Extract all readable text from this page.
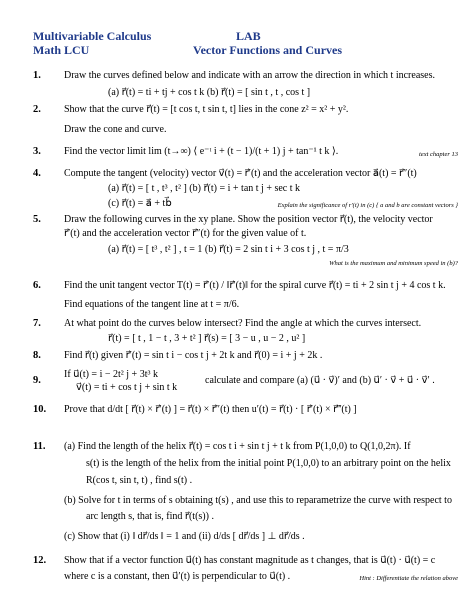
Multivariable Calculus	LAB
Math LCU	Vector Functions and Curves
1. Draw the curves defined below and indicate with an arrow the direction in which t increases.
(a) r⃗(t) = ti + tj + cos t k (b) r⃗(t) = [ sin t , t , cos t ]
2. Show that the curve r⃗(t) = [t cos t, t sin t, t] lies in the cone z² = x² + y².
Draw the cone and curve.
3. Find the vector limit lim (t→∞) ⟨ e⁻ᵗ i + (t − 1)/(t + 1) j + tan⁻¹ t k ⟩.	text chapter 13
4. Compute the tangent (velocity) vector v⃗(t) = r⃗′(t) and the acceleration vector a⃗(t) = r⃗″(t)
(a) r⃗(t) = [ t , t³ , t² ] (b) r⃗(t) = i + tan t j + sec t k
(c) r⃗(t) = a⃗ + tb⃗	Explain the significance of r′(t) in (c) { a and b are constant vectors }
5. Draw the following curves in the xy plane. Show the position vector r⃗(t), the velocity vector
r⃗′(t) and the acceleration vector r⃗″(t) for the given value of t.
(a) r⃗(t) = [ t³ , t² ] , t = 1 (b) r⃗(t) = 2 sin t i + 3 cos t j , t = π/3
What is the maximum and minimum speed in (b)?
6. Find the unit tangent vector T(t) = r⃗′(t) / ‖r⃗′(t)‖ for the spiral curve r⃗(t) = ti + 2 sin t j + 4 cos t k.
Find equations of the tangent line at t = π/6.
7. At what point do the curves below intersect? Find the angle at which the curves intersect.
r⃗(t) = [ t , 1 − t , 3 + t² ] r⃗(s) = [ 3 − u , u − 2 , u² ]
8. Find r⃗(t) given r⃗′(t) = sin t i − cos t j + 2t k and r⃗(0) = i + j + 2k .
9.
If u⃗(t) = i − 2t² j + 3t³ k
v⃗(t) = ti + cos t j + sin t k
calculate and compare (a) (u⃗ · v⃗)′ and (b) u⃗′ · v⃗ + u⃗ · v⃗′ .
10. Prove that d/dt [ r⃗(t) × r⃗′(t) ] = r⃗(t) × r⃗″(t) then u′(t) = r⃗(t) · [ r⃗′(t) × r⃗‴(t) ]
11. (a) Find the length of the helix r⃗(t) = cos t i + sin t j + t k from P(1,0,0) to Q(1,0,2π). If
s(t) is the length of the helix from the initial point P(1,0,0) to an arbitrary point on the helix
R(cos t, sin t, t) , find s(t) .
(b) Solve for t in terms of s obtaining t(s) , and use this to reparametrize the curve with respect to
arc length s, that is, find r⃗(t(s)) .
(c) Show that (i) ‖ dr⃗/ds ‖ = 1 and (ii) d/ds [ dr⃗/ds ] ⊥ dr⃗/ds .
12. Show that if a vector function u⃗(t) has constant magnitude as t changes, that is u⃗(t) · u⃗(t) = c
where c is a constant, then u⃗′(t) is perpendicular to u⃗(t) .	Hint : Differentiate the relation above
